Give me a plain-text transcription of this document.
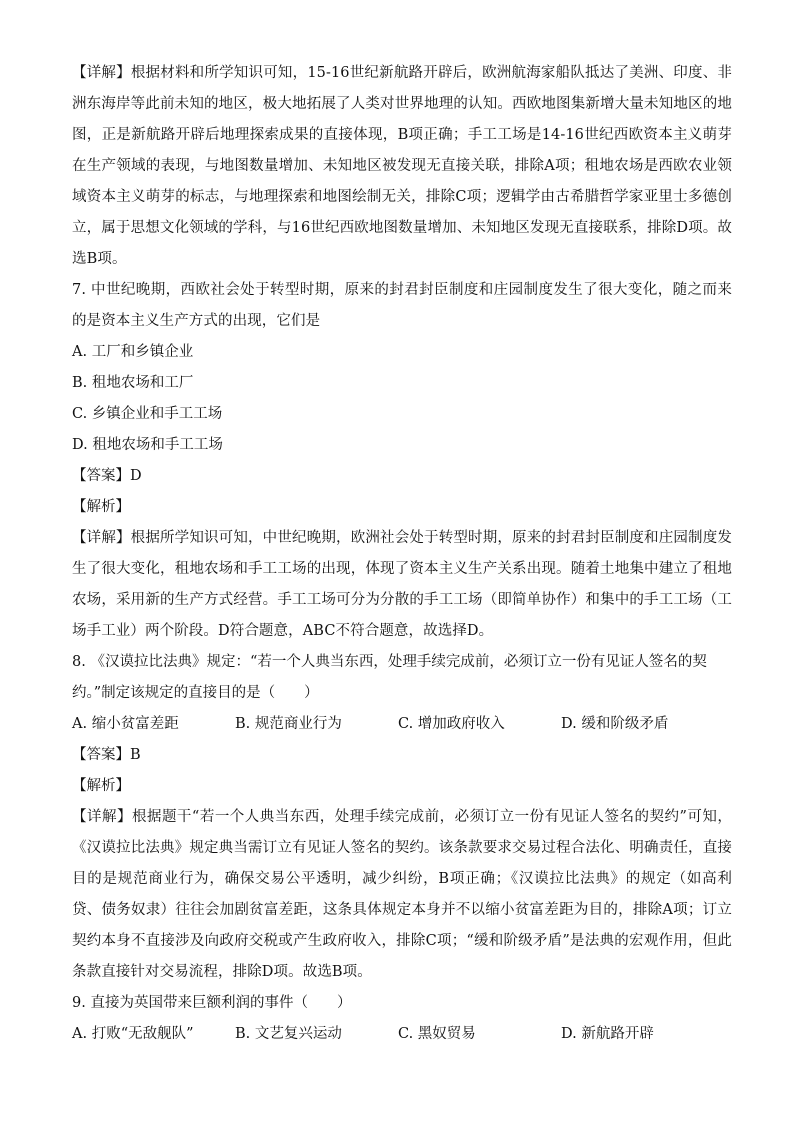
【详解】根据材料和所学知识可知，15-16世纪新航路开辟后，欧洲航海家船队抵达了美洲、印度、非洲东海岸等此前未知的地区，极大地拓展了人类对世界地理的认知。西欧地图集新增大量未知地区的地图，正是新航路开辟后地理探索成果的直接体现，B项正确；手工工场是14-16世纪西欧资本主义萌芽在生产领域的表现，与地图数量增加、未知地区被发现无直接关联，排除A项；租地农场是西欧农业领域资本主义萌芽的标志，与地理探索和地图绘制无关，排除C项；逻辑学由古希腊哲学家亚里士多德创立，属于思想文化领域的学科，与16世纪西欧地图数量增加、未知地区发现无直接联系，排除D项。故选B项。

7. 中世纪晚期，西欧社会处于转型时期，原来的封君封臣制度和庄园制度发生了很大变化，随之而来的是资本主义生产方式的出现，它们是

A. 工厂和乡镇企业

B. 租地农场和工厂

C. 乡镇企业和手工工场

D. 租地农场和手工工场

【答案】D

【解析】

【详解】根据所学知识可知，中世纪晚期，欧洲社会处于转型时期，原来的封君封臣制度和庄园制度发生了很大变化，租地农场和手工工场的出现，体现了资本主义生产关系出现。随着土地集中建立了租地农场，采用新的生产方式经营。手工工场可分为分散的手工工场（即简单协作）和集中的手工工场（工场手工业）两个阶段。D符合题意，ABC不符合题意，故选择D。

8. 《汉谟拉比法典》规定：“若一个人典当东西，处理手续完成前，必须订立一份有见证人签名的契

约。”制定该规定的直接目的是（　　）

A. 缩小贫富差距	B. 规范商业行为	C. 增加政府收入	D. 缓和阶级矛盾

【答案】B

【解析】

【详解】根据题干“若一个人典当东西，处理手续完成前，必须订立一份有见证人签名的契约”可知，《汉谟拉比法典》规定典当需订立有见证人签名的契约。该条款要求交易过程合法化、明确责任，直接目的是规范商业行为，确保交易公平透明，减少纠纷，B项正确；《汉谟拉比法典》的规定（如高利贷、债务奴隶）往往会加剧贫富差距，这条具体规定本身并不以缩小贫富差距为目的，排除A项；订立契约本身不直接涉及向政府交税或产生政府收入，排除C项；“缓和阶级矛盾”是法典的宏观作用，但此条款直接针对交易流程，排除D项。故选B项。

9. 直接为英国带来巨额利润的事件（　　）

A. 打败“无敌舰队”	B. 文艺复兴运动	C. 黑奴贸易	D. 新航路开辟
